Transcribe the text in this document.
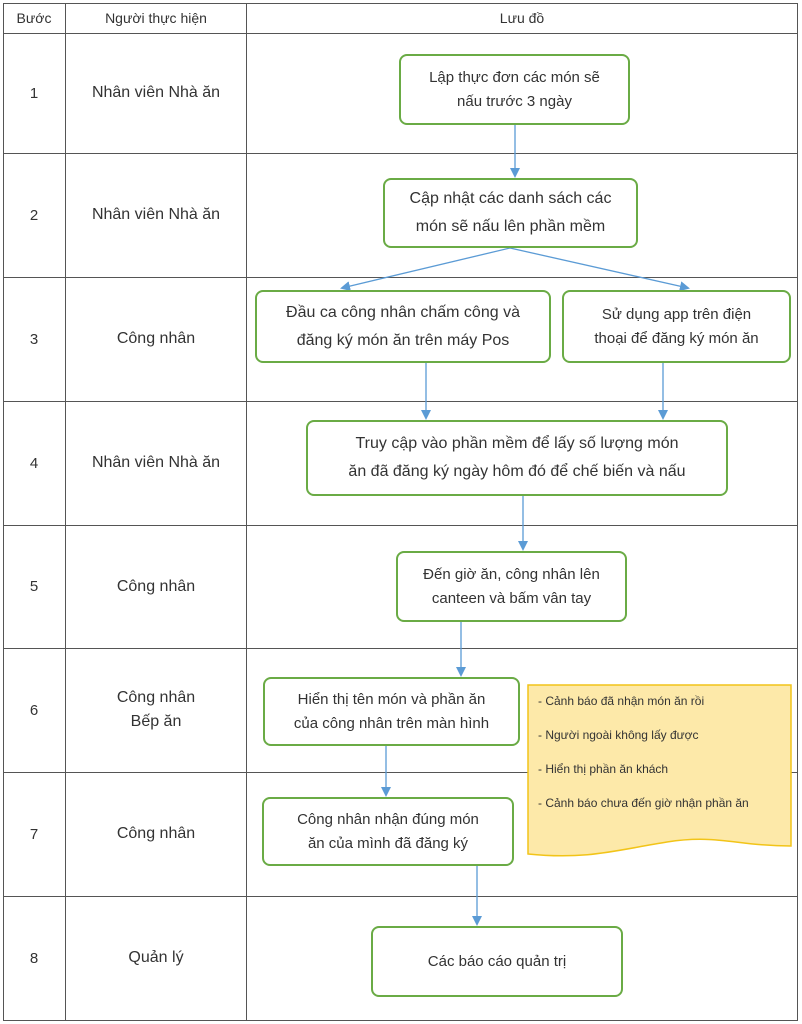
Bước	Người thực hiện	Lưu đồ
1
2
3
4
5
6
7
8
Nhân viên Nhà ăn
Nhân viên Nhà ăn
Công nhân
Nhân viên Nhà ăn
Công nhân
Công nhân
Bếp ăn
Công nhân
Quản lý
Lập thực đơn các món sẽ
nấu trước 3 ngày
Cập nhật các danh sách các
món sẽ nấu lên phần mềm
Đầu ca công nhân chấm công và
đăng ký món ăn trên máy Pos
Sử dụng app trên điện
thoại để đăng ký món ăn
Truy cập vào phần mềm để lấy số lượng món
ăn đã đăng ký ngày hôm đó để chế biến và nấu
Đến giờ ăn, công nhân lên
canteen và bấm vân tay
Hiển thị tên món và phần ăn
của công nhân trên màn hình
Công nhân nhận đúng món
ăn của mình đã đăng ký
Các báo cáo quản trị
- Cảnh báo đã nhận món ăn rồi
- Người ngoài không lấy được
- Hiển thị phần ăn khách
- Cảnh báo chưa đến giờ nhận phần ăn
